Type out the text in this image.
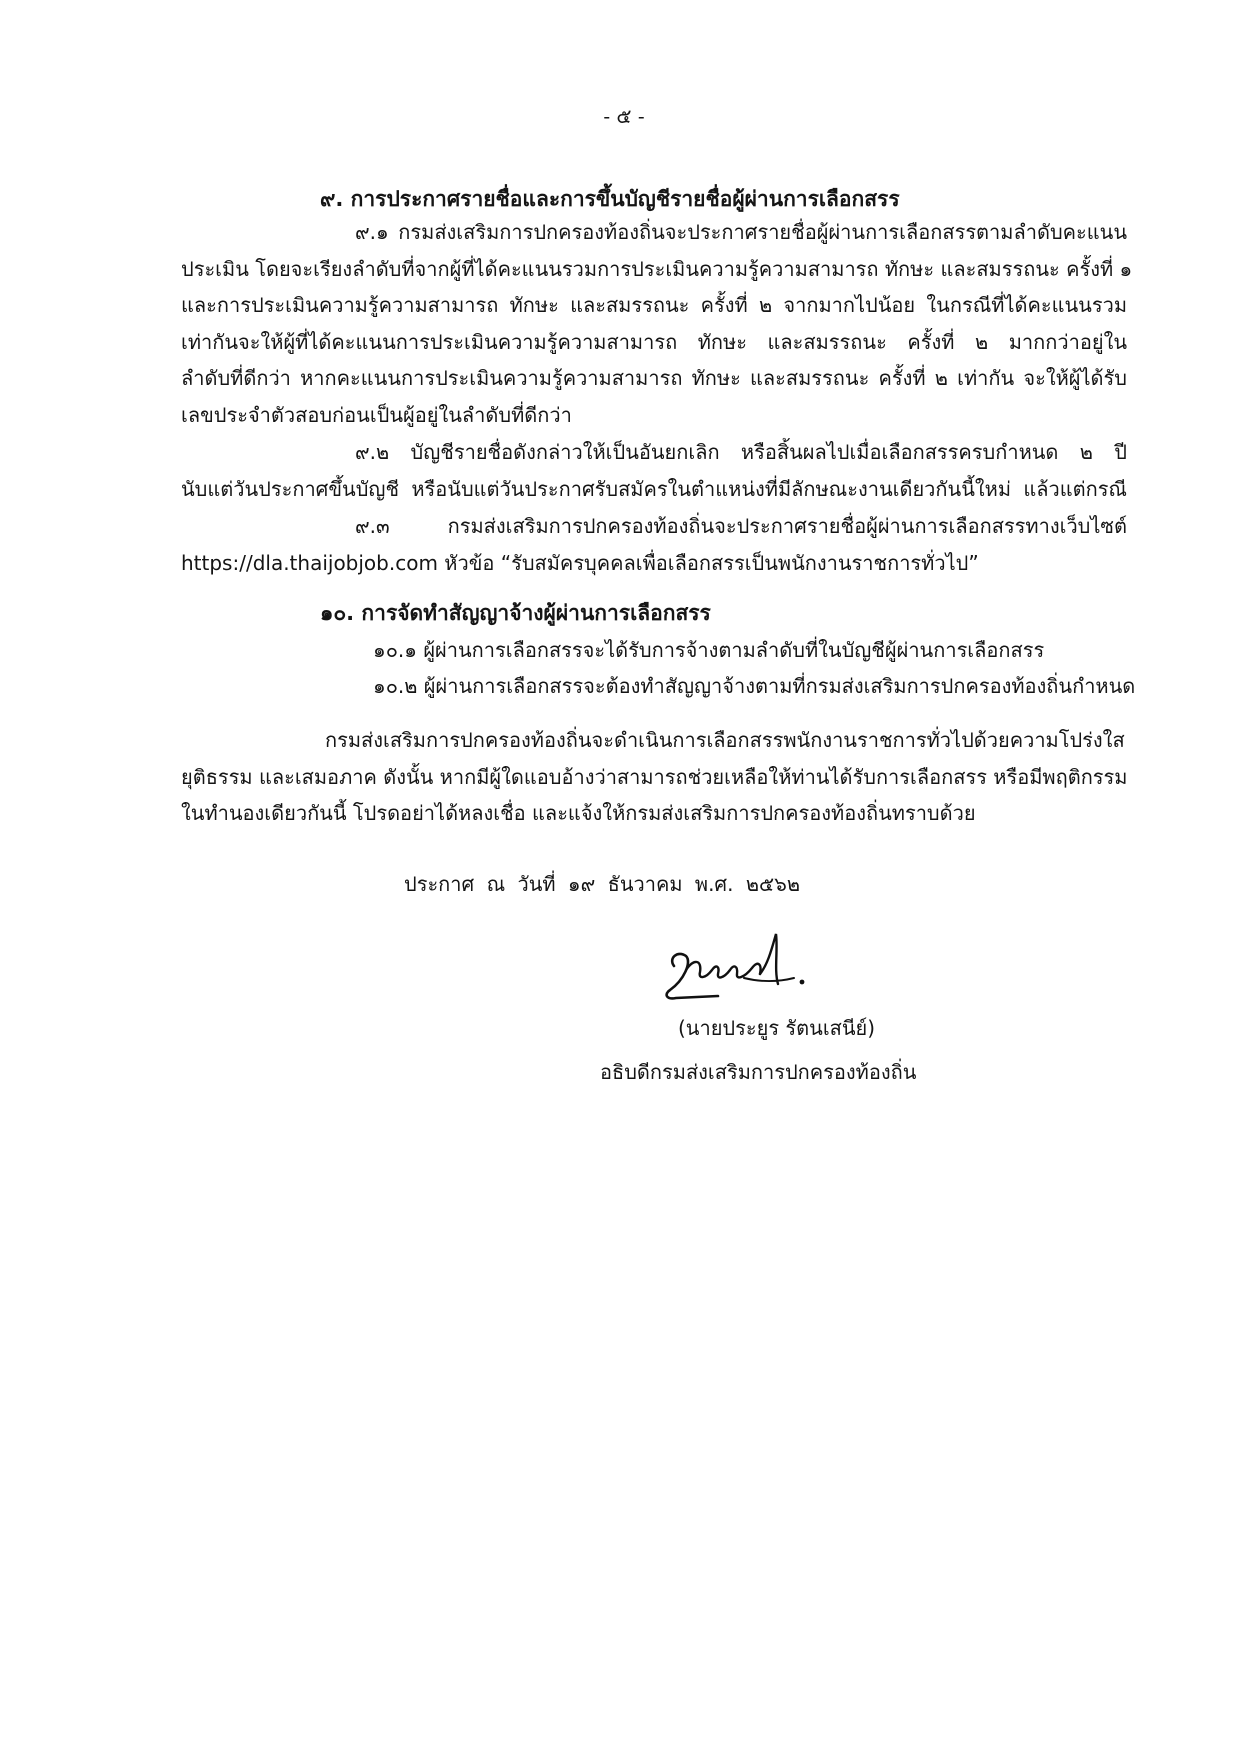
- ๕ -
๙. การประกาศรายชื่อและการขึ้นบัญชีรายชื่อผู้ผ่านการเลือกสรร

๙.๑ กรมส่งเสริมการปกครองท้องถิ่นจะประกาศรายชื่อผู้ผ่านการเลือกสรรตามลำดับคะแนน

ประเมิน โดยจะเรียงลำดับที่จากผู้ที่ได้คะแนนรวมการประเมินความรู้ความสามารถ ทักษะ และสมรรถนะ ครั้งที่ ๑

และการประเมินความรู้ความสามารถ ทักษะ และสมรรถนะ ครั้งที่ ๒ จากมากไปน้อย ในกรณีที่ได้คะแนนรวม

เท่ากันจะให้ผู้ที่ได้คะแนนการประเมินความรู้ความสามารถ ทักษะ และสมรรถนะ ครั้งที่ ๒ มากกว่าอยู่ใน

ลำดับที่ดีกว่า หากคะแนนการประเมินความรู้ความสามารถ ทักษะ และสมรรถนะ ครั้งที่ ๒ เท่ากัน จะให้ผู้ได้รับ

เลขประจำตัวสอบก่อนเป็นผู้อยู่ในลำดับที่ดีกว่า

๙.๒ บัญชีรายชื่อดังกล่าวให้เป็นอันยกเลิก หรือสิ้นผลไปเมื่อเลือกสรรครบกำหนด ๒ ปี

นับแต่วันประกาศขึ้นบัญชี หรือนับแต่วันประกาศรับสมัครในตำแหน่งที่มีลักษณะงานเดียวกันนี้ใหม่ แล้วแต่กรณี

๙.๓ กรมส่งเสริมการปกครองท้องถิ่นจะประกาศรายชื่อผู้ผ่านการเลือกสรรทางเว็บไซต์

https://dla.thaijobjob.com หัวข้อ “รับสมัครบุคคลเพื่อเลือกสรรเป็นพนักงานราชการทั่วไป”

๑๐. การจัดทำสัญญาจ้างผู้ผ่านการเลือกสรร
๑๐.๑ ผู้ผ่านการเลือกสรรจะได้รับการจ้างตามลำดับที่ในบัญชีผู้ผ่านการเลือกสรร
๑๐.๒ ผู้ผ่านการเลือกสรรจะต้องทำสัญญาจ้างตามที่กรมส่งเสริมการปกครองท้องถิ่นกำหนด

กรมส่งเสริมการปกครองท้องถิ่นจะดำเนินการเลือกสรรพนักงานราชการทั่วไปด้วยความโปร่งใส

ยุติธรรม และเสมอภาค ดังนั้น หากมีผู้ใดแอบอ้างว่าสามารถช่วยเหลือให้ท่านได้รับการเลือกสรร หรือมีพฤติกรรม

ในทำนองเดียวกันนี้ โปรดอย่าได้หลงเชื่อ และแจ้งให้กรมส่งเสริมการปกครองท้องถิ่นทราบด้วย

ประกาศ ณ วันที่ ๑๙ ธันวาคม พ.ศ. ๒๕๖๒
(นายประยูร รัตนเสนีย์)
อธิบดีกรมส่งเสริมการปกครองท้องถิ่น
